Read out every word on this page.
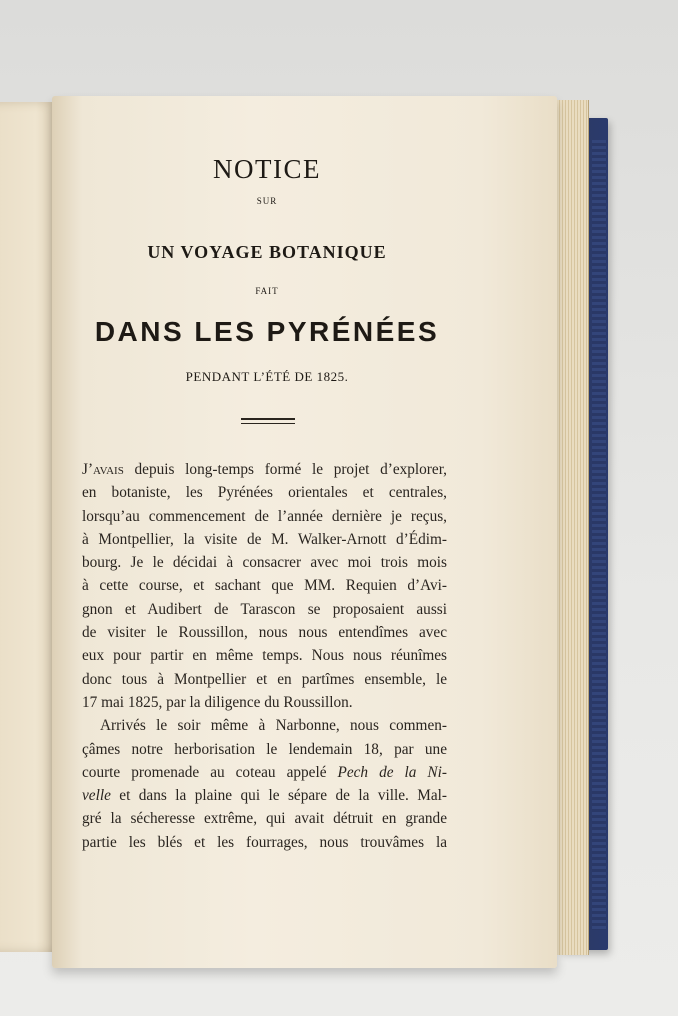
NOTICE
SUR
UN VOYAGE BOTANIQUE
FAIT
DANS LES PYRÉNÉES
PENDANT L’ÉTÉ DE 1825.
J’avais depuis long-temps formé le projet d’explorer,
en botaniste, les Pyrénées orientales et centrales,
lorsqu’au commencement de l’année dernière je reçus,
à Montpellier, la visite de M. Walker-Arnott d’Édim-
bourg. Je le décidai à consacrer avec moi trois mois
à cette course, et sachant que MM. Requien d’Avi-
gnon et Audibert de Tarascon se proposaient aussi
de visiter le Roussillon, nous nous entendîmes avec
eux pour partir en même temps. Nous nous réunîmes
donc tous à Montpellier et en partîmes ensemble, le
17 mai 1825, par la diligence du Roussillon.
Arrivés le soir même à Narbonne, nous commen-
çâmes notre herborisation le lendemain 18, par une
courte promenade au coteau appelé Pech de la Ni-
velle et dans la plaine qui le sépare de la ville. Mal-
gré la sécheresse extrême, qui avait détruit en grande
partie les blés et les fourrages, nous trouvâmes la
